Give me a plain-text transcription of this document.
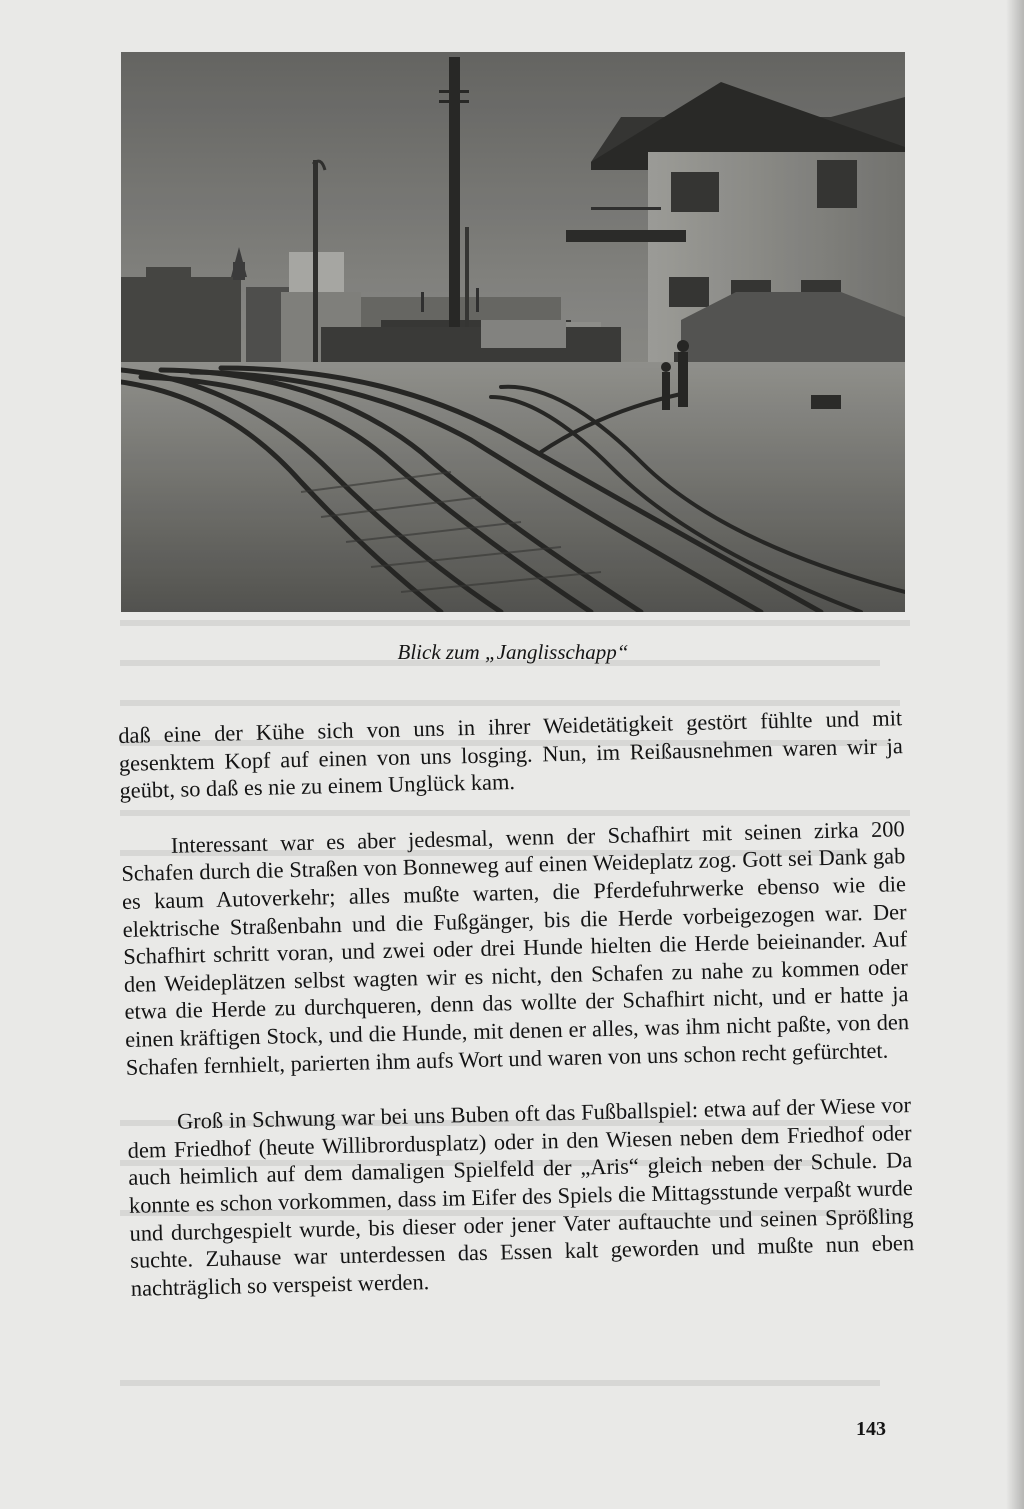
Blick zum „Janglisschapp“

daß eine der Kühe sich von uns in ihrer Weidetätigkeit gestört fühlte und mit gesenktem Kopf auf einen von uns losging. Nun, im Reißausnehmen waren wir ja geübt, so daß es nie zu einem Unglück kam.

Interessant war es aber jedesmal, wenn der Schafhirt mit seinen zirka 200 Schafen durch die Straßen von Bonneweg auf einen Weideplatz zog. Gott sei Dank gab es kaum Autoverkehr; alles mußte warten, die Pferdefuhrwerke ebenso wie die elektrische Straßenbahn und die Fußgänger, bis die Herde vorbeigezogen war. Der Schafhirt schritt voran, und zwei oder drei Hunde hielten die Herde beieinander. Auf den Weideplätzen selbst wagten wir es nicht, den Schafen zu nahe zu kommen oder etwa die Herde zu durchqueren, denn das wollte der Schafhirt nicht, und er hatte ja einen kräftigen Stock, und die Hunde, mit denen er alles, was ihm nicht paßte, von den Schafen fernhielt, parierten ihm aufs Wort und waren von uns schon recht gefürchtet.

Groß in Schwung war bei uns Buben oft das Fußballspiel: etwa auf der Wiese vor dem Friedhof (heute Willibrordusplatz) oder in den Wiesen neben dem Friedhof oder auch heimlich auf dem damaligen Spielfeld der „Aris“ gleich neben der Schule. Da konnte es schon vorkommen, dass im Eifer des Spiels die Mittagsstunde verpaßt wurde und durchgespielt wurde, bis dieser oder jener Vater auftauchte und seinen Sprößling suchte. Zuhause war unterdessen das Essen kalt geworden und mußte nun eben nachträglich so verspeist werden.

143
